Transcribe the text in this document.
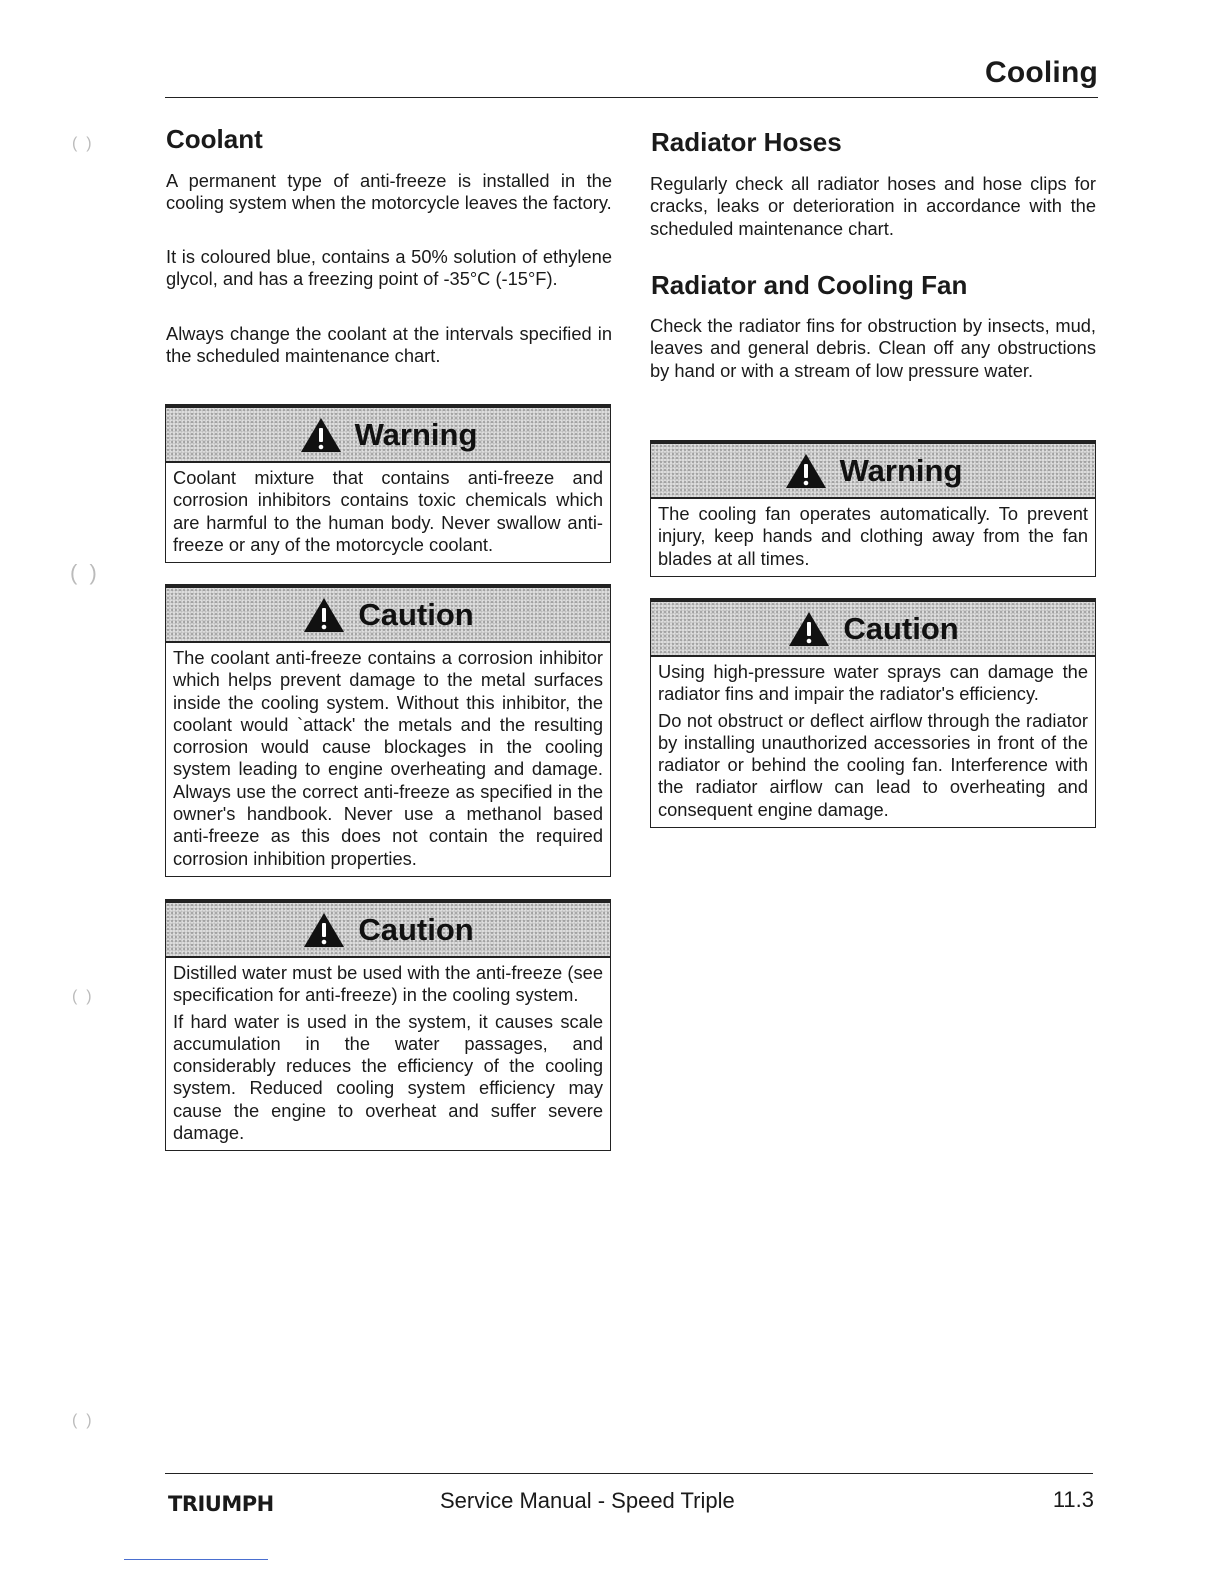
Cooling
(  )
(  )
(  )
(  )
Coolant

A permanent type of anti-freeze is installed in the cooling system when the motorcycle leaves the factory.

It is coloured blue, contains a 50% solution of ethylene glycol, and has a freezing point of -35°C (-15°F).

Always change the coolant at the intervals specified in the scheduled maintenance chart.

Warning

Coolant mixture that contains anti-freeze and corrosion inhibitors contains toxic chemicals which are harmful to the human body. Never swallow anti-freeze or any of the motorcycle coolant.

Caution

The coolant anti-freeze contains a corrosion inhibitor which helps prevent damage to the metal surfaces inside the cooling system. Without this inhibitor, the coolant would `attack' the metals and the resulting corrosion would cause blockages in the cooling system leading to engine overheating and damage. Always use the correct anti-freeze as specified in the owner's handbook. Never use a methanol based anti-freeze as this does not contain the required corrosion inhibition properties.

Caution

Distilled water must be used with the anti-freeze (see specification for anti-freeze) in the cooling system.

If hard water is used in the system, it causes scale accumulation in the water passages, and considerably reduces the efficiency of the cooling system. Reduced cooling system efficiency may cause the engine to overheat and suffer severe damage.

Radiator Hoses

Regularly check all radiator hoses and hose clips for cracks, leaks or deterioration in accordance with the scheduled maintenance chart.

Radiator and Cooling Fan

Check the radiator fins for obstruction by insects, mud, leaves and general debris. Clean off any obstructions by hand or with a stream of low pressure water.

Warning

The cooling fan operates automatically. To prevent injury, keep hands and clothing away from the fan blades at all times.

Caution

Using high-pressure water sprays can damage the radiator fins and impair the radiator's efficiency.

Do not obstruct or deflect airflow through the radiator by installing unauthorized accessories in front of the radiator or behind the cooling fan. Interference with the radiator airflow can lead to overheating and consequent engine damage.

TRIUMPH	Service Manual - Speed Triple	11.3
